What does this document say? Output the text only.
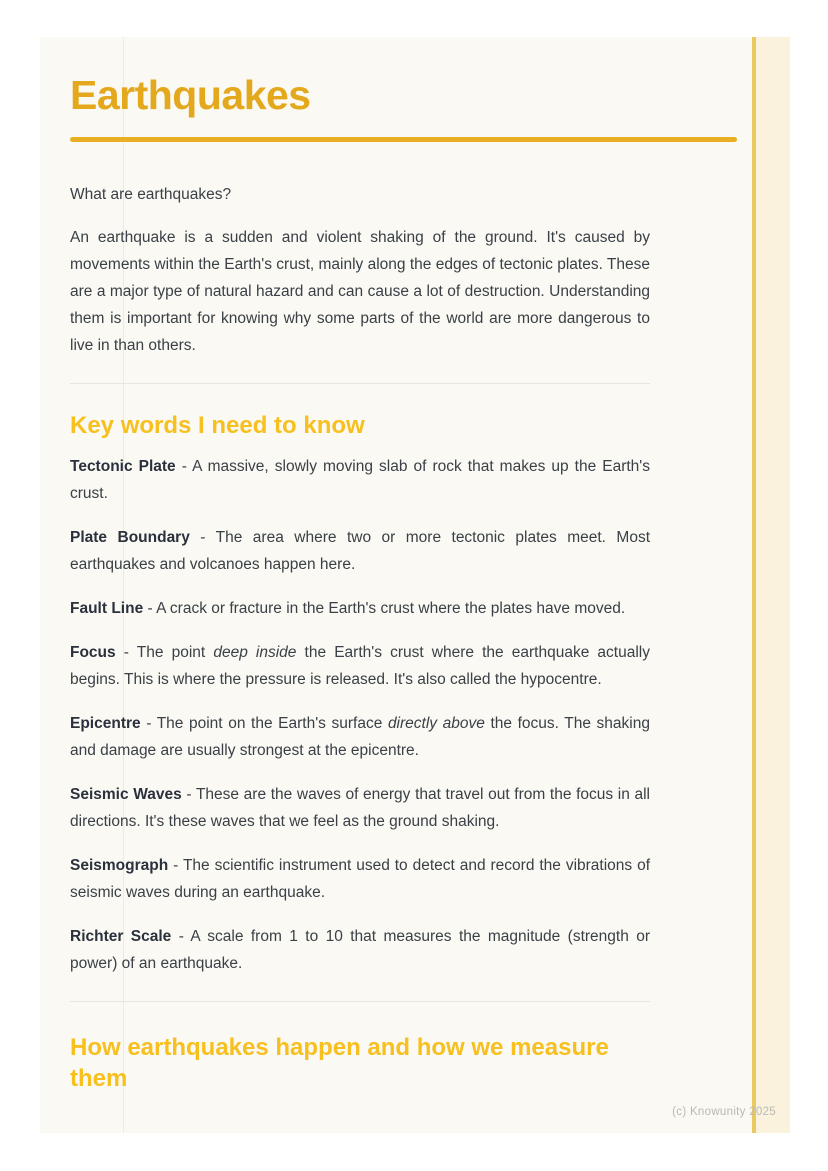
Earthquakes

What are earthquakes?

An earthquake is a sudden and violent shaking of the ground. It's caused by movements within the Earth's crust, mainly along the edges of tectonic plates. These are a major type of natural hazard and can cause a lot of destruction. Understanding them is important for knowing why some parts of the world are more dangerous to live in than others.

Key words I need to know

Tectonic Plate - A massive, slowly moving slab of rock that makes up the Earth's crust.

Plate Boundary - The area where two or more tectonic plates meet. Most earthquakes and volcanoes happen here.

Fault Line - A crack or fracture in the Earth's crust where the plates have moved.

Focus - The point deep inside the Earth's crust where the earthquake actually begins. This is where the pressure is released. It's also called the hypocentre.

Epicentre - The point on the Earth's surface directly above the focus. The shaking and damage are usually strongest at the epicentre.

Seismic Waves - These are the waves of energy that travel out from the focus in all directions. It's these waves that we feel as the ground shaking.

Seismograph - The scientific instrument used to detect and record the vibrations of seismic waves during an earthquake.

Richter Scale - A scale from 1 to 10 that measures the magnitude (strength or power) of an earthquake.

How earthquakes happen and how we measure them
(c) Knowunity 2025
